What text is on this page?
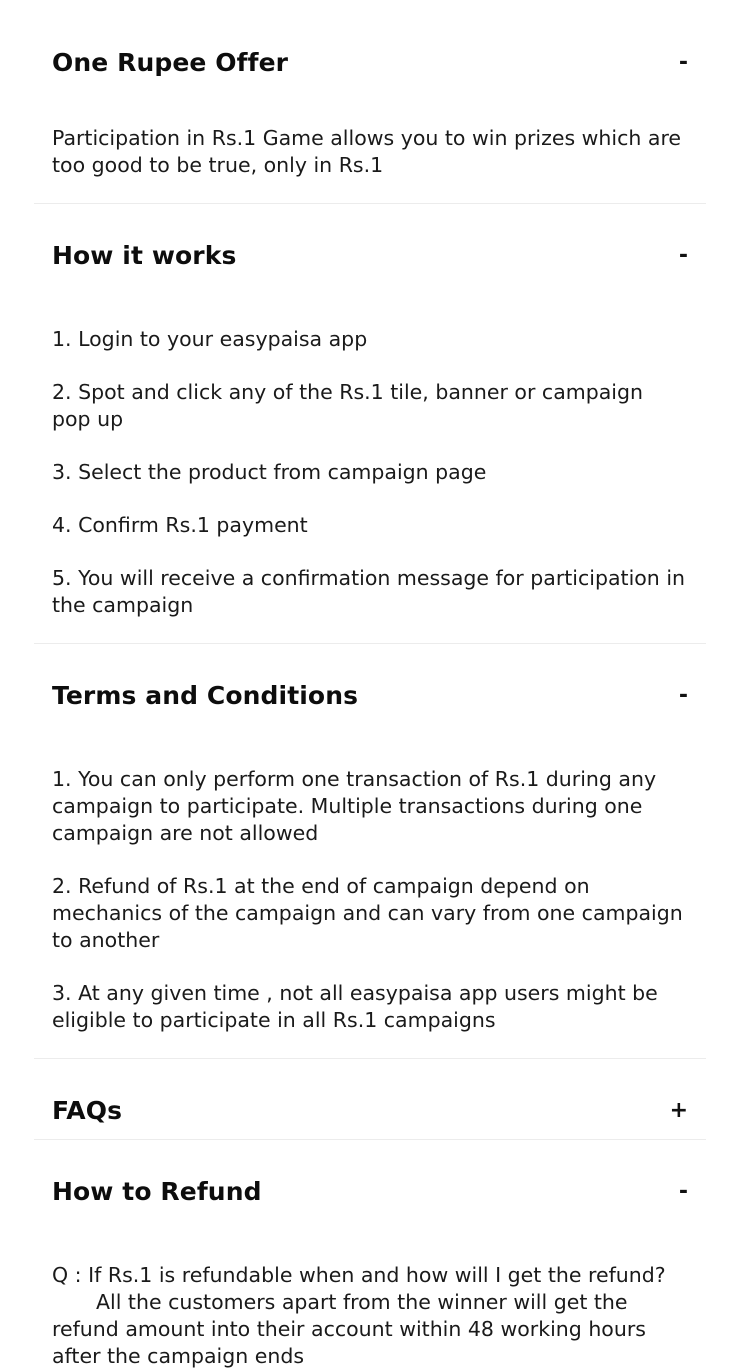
One Rupee Offer	-

Participation in Rs.1 Game allows you to win prizes which are too good to be true, only in Rs.1

How it works	-

1. Login to your easypaisa app

2. Spot and click any of the Rs.1 tile, banner or campaign pop up

3. Select the product from campaign page

4. Confirm Rs.1 payment

5. You will receive a confirmation message for participation in the campaign

Terms and Conditions	-

1. You can only perform one transaction of Rs.1 during any campaign to participate. Multiple transactions during one campaign are not allowed

2. Refund of Rs.1 at the end of campaign depend on mechanics of the campaign and can vary from one campaign to another

3. At any given time , not all easypaisa app users might be eligible to participate in all Rs.1 campaigns

FAQs	+
How to Refund	-

Q : If Rs.1 is refundable when and how will I get the refund?

All the customers apart from the winner will get the refund amount into their account within 48 working hours after the campaign ends
